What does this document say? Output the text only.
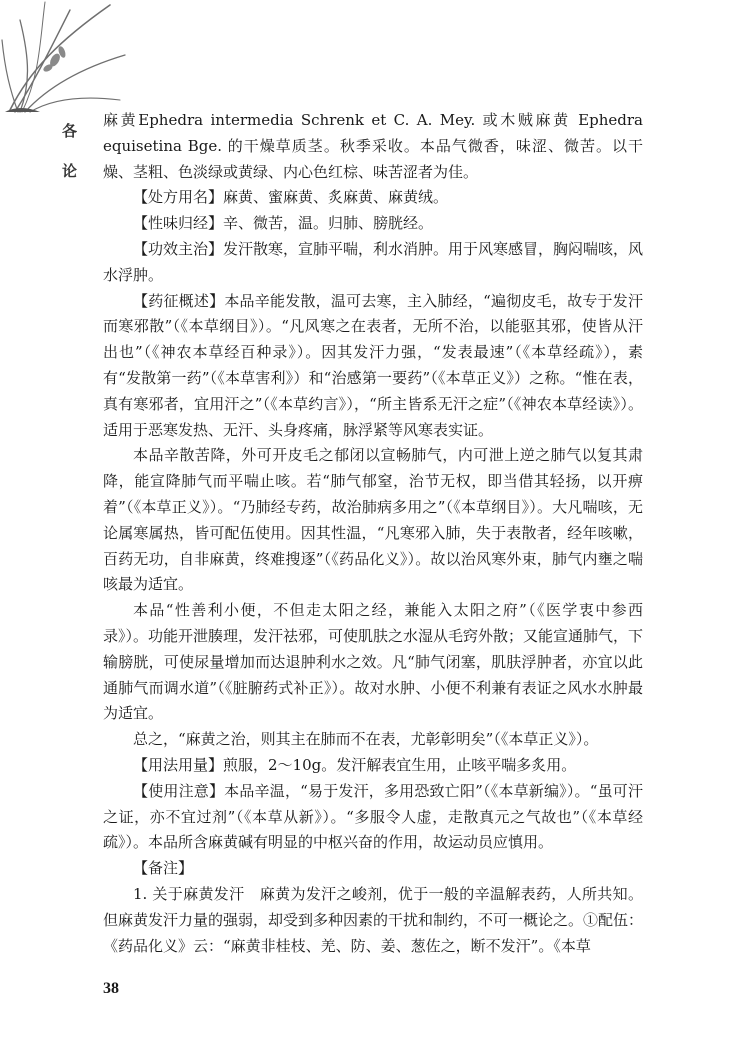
各
论

麻黄Ephedra intermedia Schrenk et C. A. Mey. 或木贼麻黄 Ephedra equisetina Bge. 的干燥草质茎。秋季采收。本品气微香，味涩、微苦。以干燥、茎粗、色淡绿或黄绿、内心色红棕、味苦涩者为佳。

【处方用名】麻黄、蜜麻黄、炙麻黄、麻黄绒。

【性味归经】辛、微苦，温。归肺、膀胱经。

【功效主治】发汗散寒，宣肺平喘，利水消肿。用于风寒感冒，胸闷喘咳，风水浮肿。

【药征概述】本品辛能发散，温可去寒，主入肺经，“遍彻皮毛，故专于发汗而寒邪散”（《本草纲目》）。“凡风寒之在表者，无所不治，以能驱其邪，使皆从汗出也”（《神农本草经百种录》）。因其发汗力强，“发表最速”（《本草经疏》），素有“发散第一药”（《本草害利》）和“治感第一要药”（《本草正义》）之称。“惟在表，真有寒邪者，宜用汗之”（《本草约言》），“所主皆系无汗之症”（《神农本草经读》）。适用于恶寒发热、无汗、头身疼痛，脉浮紧等风寒表实证。

本品辛散苦降，外可开皮毛之郁闭以宣畅肺气，内可泄上逆之肺气以复其肃降，能宣降肺气而平喘止咳。若“肺气郁窒，治节无权，即当借其轻扬，以开痹着”（《本草正义》）。“乃肺经专药，故治肺病多用之”（《本草纲目》）。大凡喘咳，无论属寒属热，皆可配伍使用。因其性温，“凡寒邪入肺，失于表散者，经年咳嗽，百药无功，自非麻黄，终难搜逐”（《药品化义》）。故以治风寒外束，肺气内壅之喘咳最为适宜。

本品“性善利小便，不但走太阳之经，兼能入太阳之府”（《医学衷中参西录》）。功能开泄腠理，发汗祛邪，可使肌肤之水湿从毛窍外散；又能宣通肺气，下输膀胱，可使尿量增加而达退肿利水之效。凡“肺气闭塞，肌肤浮肿者，亦宜以此通肺气而调水道”（《脏腑药式补正》）。故对水肿、小便不利兼有表证之风水水肿最为适宜。

总之，“麻黄之治，则其主在肺而不在表，尤彰彰明矣”（《本草正义》）。

【用法用量】煎服，2～10g。发汗解表宜生用，止咳平喘多炙用。

【使用注意】本品辛温，“易于发汗，多用恐致亡阳”（《本草新编》）。“虽可汗之证，亦不宜过剂”（《本草从新》）。“多服令人虚，走散真元之气故也”（《本草经疏》）。本品所含麻黄碱有明显的中枢兴奋的作用，故运动员应慎用。

【备注】

1. 关于麻黄发汗　麻黄为发汗之峻剂，优于一般的辛温解表药，人所共知。但麻黄发汗力量的强弱，却受到多种因素的干扰和制约，不可一概论之。①配伍：《药品化义》云：“麻黄非桂枝、羌、防、姜、葱佐之，断不发汗”。《本草

38
